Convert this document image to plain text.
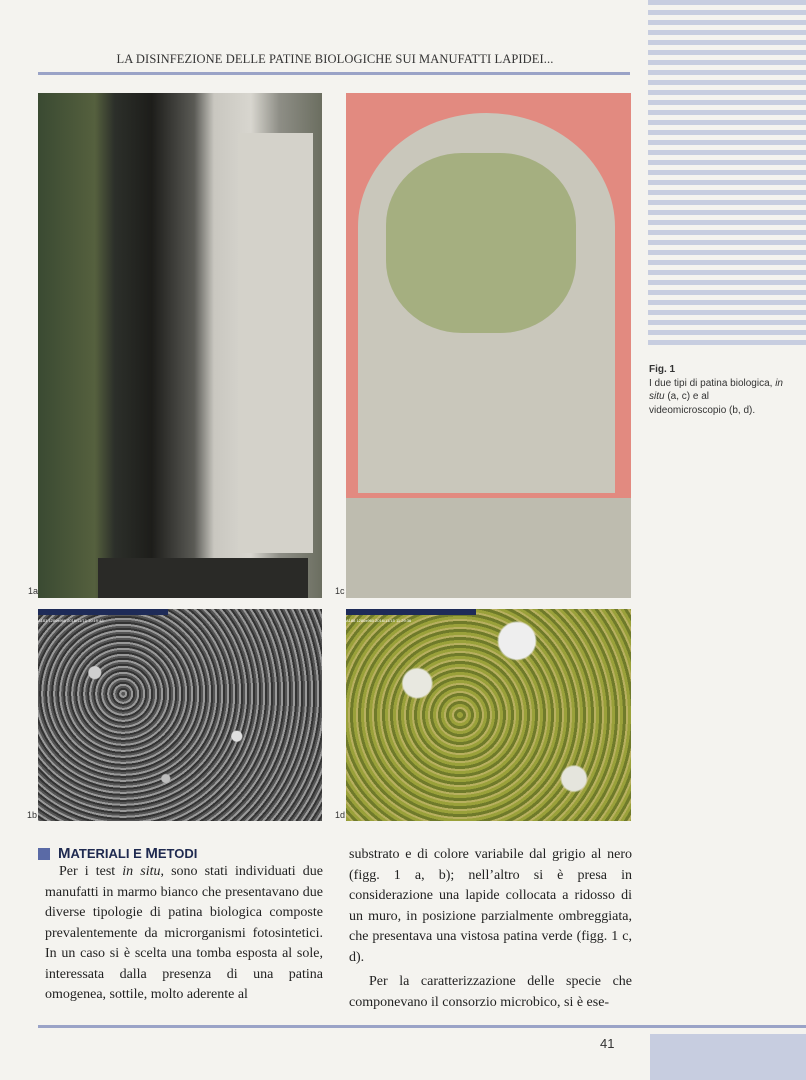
LA DISINFEZIONE DELLE PATINE BIOLOGICHE SUI MANUFATTI LAPIDEI...
1a	1c
A183 1280x960 2016/11/15 10:19:48
1b
A188 1280x960 2016/11/15 11:29:36
1d
Fig. 1
I due tipi di patina biologica, in situ (a, c) e al videomicroscopio (b, d).
MATERIALI E METODI
Per i test in situ, sono stati individuati due manufatti in marmo bianco che presentavano due diverse tipologie di patina biologica composte prevalentemente da microrganismi fotosintetici. In un caso si è scelta una tomba esposta al sole, interessata dalla presenza di una patina omogenea, sottile, molto aderente al

substrato e di colore variabile dal grigio al nero (figg. 1 a, b); nell’altro si è presa in considerazione una lapide collocata a ridosso di un muro, in posizione parzialmente ombreggiata, che presentava una vistosa patina verde (figg. 1 c, d).

Per la caratterizzazione delle specie che componevano il consorzio microbico, si è ese-

41
